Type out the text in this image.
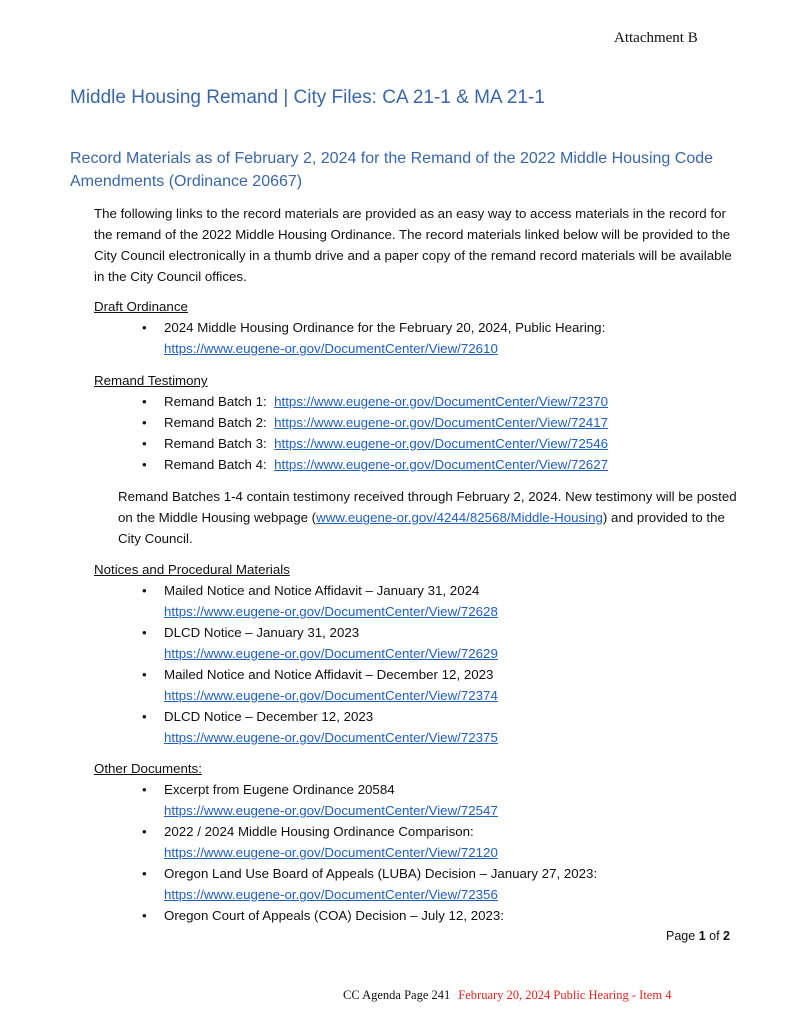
Attachment B
Middle Housing Remand | City Files: CA 21-1 & MA 21-1
Record Materials as of February 2, 2024 for the Remand of the 2022 Middle Housing Code Amendments (Ordinance 20667)
The following links to the record materials are provided as an easy way to access materials in the record for the remand of the 2022 Middle Housing Ordinance. The record materials linked below will be provided to the City Council electronically in a thumb drive and a paper copy of the remand record materials will be available in the City Council offices.
Draft Ordinance
• 2024 Middle Housing Ordinance for the February 20, 2024, Public Hearing:
https://www.eugene-or.gov/DocumentCenter/View/72610
Remand Testimony
• Remand Batch 1: https://www.eugene-or.gov/DocumentCenter/View/72370
• Remand Batch 2: https://www.eugene-or.gov/DocumentCenter/View/72417
• Remand Batch 3: https://www.eugene-or.gov/DocumentCenter/View/72546
• Remand Batch 4: https://www.eugene-or.gov/DocumentCenter/View/72627
Remand Batches 1-4 contain testimony received through February 2, 2024. New testimony will be posted on the Middle Housing webpage (www.eugene-or.gov/4244/82568/Middle-Housing) and provided to the City Council.
Notices and Procedural Materials
• Mailed Notice and Notice Affidavit – January 31, 2024
https://www.eugene-or.gov/DocumentCenter/View/72628
• DLCD Notice – January 31, 2023
https://www.eugene-or.gov/DocumentCenter/View/72629
• Mailed Notice and Notice Affidavit – December 12, 2023
https://www.eugene-or.gov/DocumentCenter/View/72374
• DLCD Notice – December 12, 2023
https://www.eugene-or.gov/DocumentCenter/View/72375
Other Documents:
• Excerpt from Eugene Ordinance 20584
https://www.eugene-or.gov/DocumentCenter/View/72547
• 2022 / 2024 Middle Housing Ordinance Comparison:
https://www.eugene-or.gov/DocumentCenter/View/72120
• Oregon Land Use Board of Appeals (LUBA) Decision – January 27, 2023:
https://www.eugene-or.gov/DocumentCenter/View/72356
• Oregon Court of Appeals (COA) Decision – July 12, 2023:
Page 1 of 2
CC Agenda Page 241 February 20, 2024 Public Hearing - Item 4
